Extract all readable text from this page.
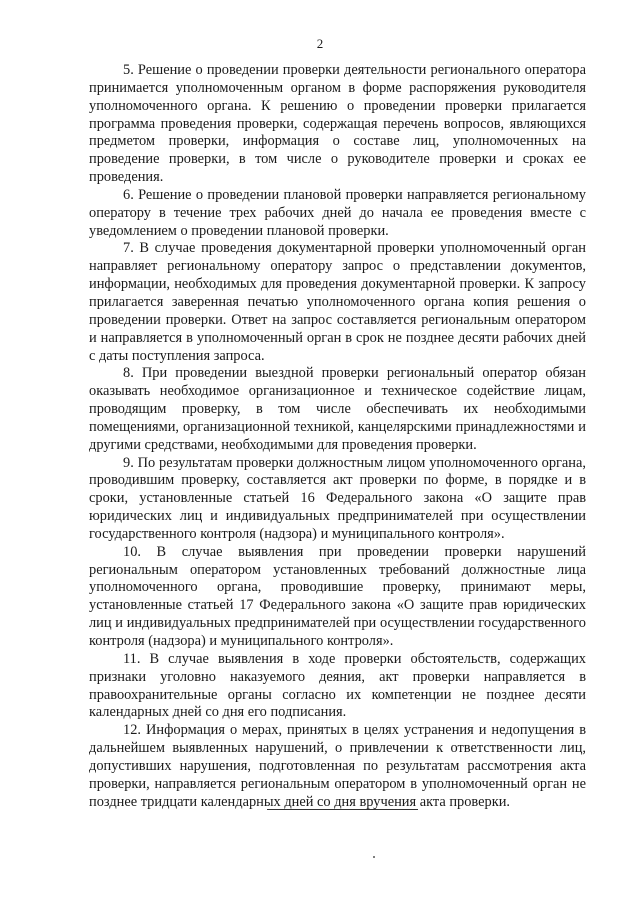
2

5. Решение о проведении проверки деятельности регионального оператора принимается уполномоченным органом в форме распоряжения руководителя уполномоченного органа. К решению о проведении проверки прилагается программа проведения проверки, содержащая перечень вопросов, являющихся предметом проверки, информация о составе лиц, уполномоченных на проведение проверки, в том числе о руководителе проверки и сроках ее проведения.

6. Решение о проведении плановой проверки направляется региональному оператору в течение трех рабочих дней до начала ее проведения вместе с уведомлением о проведении плановой проверки.

7. В случае проведения документарной проверки уполномоченный орган направляет региональному оператору запрос о представлении документов, информации, необходимых для проведения документарной проверки. К запросу прилагается заверенная печатью уполномоченного органа копия решения о проведении проверки. Ответ на запрос составляется региональным оператором и направляется в уполномоченный орган в срок не позднее десяти рабочих дней с даты поступления запроса.

8. При проведении выездной проверки региональный оператор обязан оказывать необходимое организационное и техническое содействие лицам, проводящим проверку, в том числе обеспечивать их необходимыми помещениями, организационной техникой, канцелярскими принадлежностями и другими средствами, необходимыми для проведения проверки.

9. По результатам проверки должностным лицом уполномоченного органа, проводившим проверку, составляется акт проверки по форме, в порядке и в сроки, установленные статьей 16 Федерального закона «О защите прав юридических лиц и индивидуальных предпринимателей при осуществлении государственного контроля (надзора) и муниципального контроля».

10. В случае выявления при проведении проверки нарушений региональным оператором установленных требований должностные лица уполномоченного органа, проводившие проверку, принимают меры, установленные статьей 17 Федерального закона «О защите прав юридических лиц и индивидуальных предпринимателей при осуществлении государственного контроля (надзора) и муниципального контроля».

11. В случае выявления в ходе проверки обстоятельств, содержащих признаки уголовно наказуемого деяния, акт проверки направляется в правоохранительные органы согласно их компетенции не позднее десяти календарных дней со дня его подписания.

12. Информация о мерах, принятых в целях устранения и недопущения в дальнейшем выявленных нарушений, о привлечении к ответственности лиц, допустивших нарушения, подготовленная по результатам рассмотрения акта проверки, направляется региональным оператором в уполномоченный орган не позднее тридцати календарных дней со дня вручения акта проверки.
